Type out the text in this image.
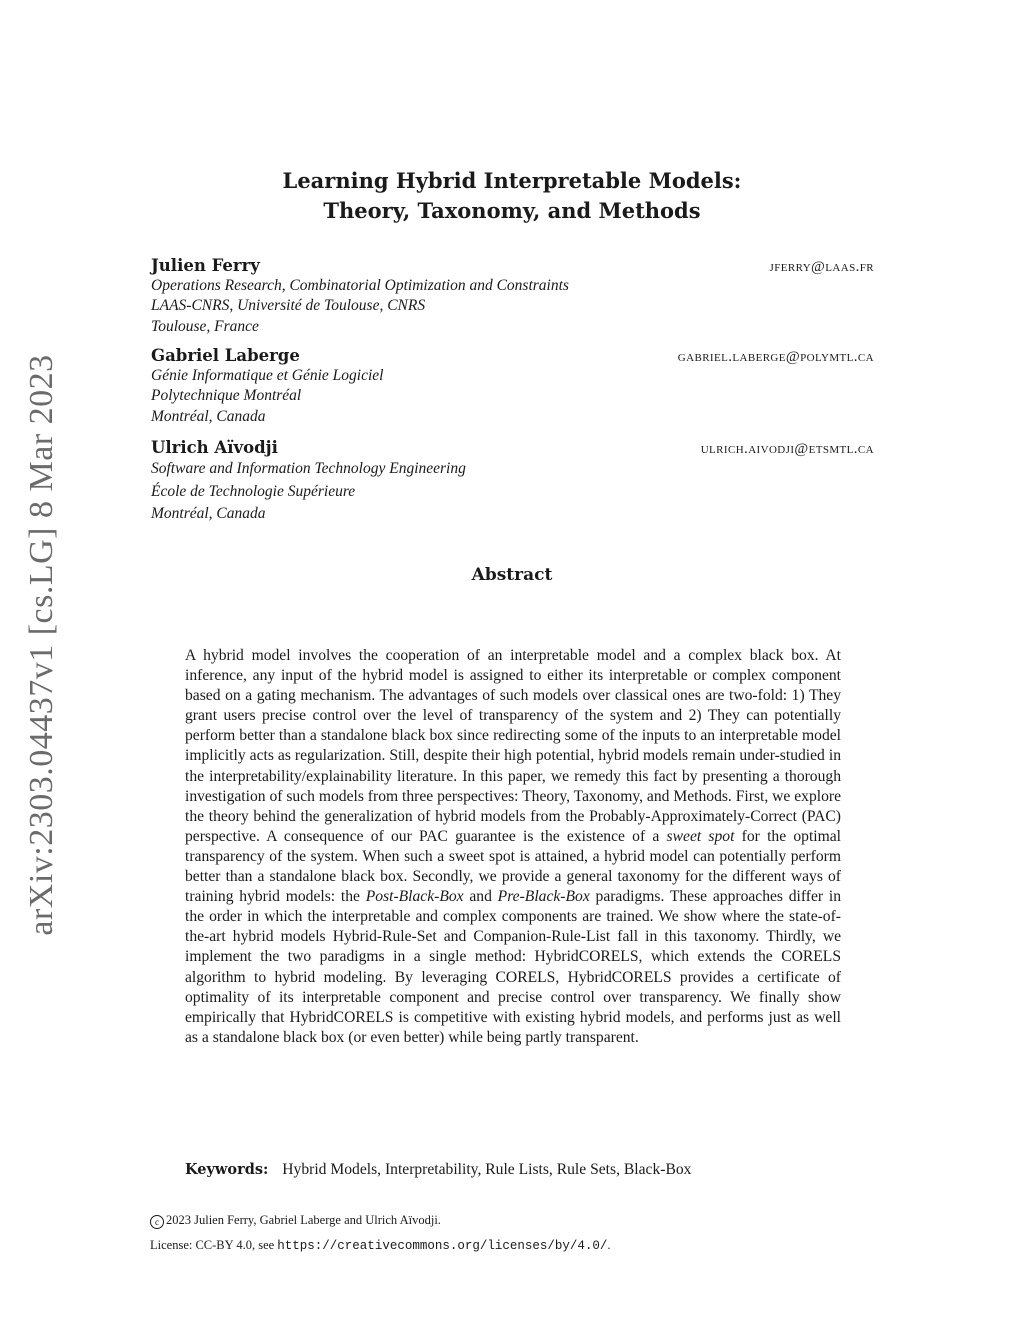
arXiv:2303.04437v1 [cs.LG] 8 Mar 2023
Learning Hybrid Interpretable Models:
Theory, Taxonomy, and Methods
Julien Ferry	jferry@laas.fr
Operations Research, Combinatorial Optimization and Constraints
LAAS-CNRS, Université de Toulouse, CNRS
Toulouse, France
Gabriel Laberge	gabriel.laberge@polymtl.ca
Génie Informatique et Génie Logiciel
Polytechnique Montréal
Montréal, Canada
Ulrich Aïvodji	ulrich.aivodji@etsmtl.ca
Software and Information Technology Engineering
École de Technologie Supérieure
Montréal, Canada
Abstract
A hybrid model involves the cooperation of an interpretable model and a complex black box. At inference, any input of the hybrid model is assigned to either its interpretable or complex component based on a gating mechanism. The advantages of such models over classical ones are two-fold: 1) They grant users precise control over the level of transparency of the system and 2) They can potentially perform better than a standalone black box since redirecting some of the inputs to an interpretable model implicitly acts as regularization. Still, despite their high potential, hybrid models remain under-studied in the interpretability/explainability literature. In this paper, we remedy this fact by presenting a thorough investigation of such models from three perspectives: Theory, Taxonomy, and Methods. First, we explore the theory behind the generalization of hybrid models from the Probably-Approximately-Correct (PAC) perspective. A consequence of our PAC guarantee is the existence of a sweet spot for the optimal transparency of the system. When such a sweet spot is attained, a hybrid model can potentially perform better than a standalone black box. Secondly, we provide a general taxonomy for the different ways of training hybrid models: the Post-Black-Box and Pre-Black-Box paradigms. These approaches differ in the order in which the interpretable and complex components are trained. We show where the state-of-the-art hybrid models Hybrid-Rule-Set and Companion-Rule-List fall in this taxonomy. Thirdly, we implement the two paradigms in a single method: HybridCORELS, which extends the CORELS algorithm to hybrid modeling. By leveraging CORELS, HybridCORELS provides a certificate of optimality of its interpretable component and precise control over transparency. We finally show empirically that HybridCORELS is competitive with existing hybrid models, and performs just as well as a standalone black box (or even better) while being partly transparent.
Keywords: Hybrid Models, Interpretability, Rule Lists, Rule Sets, Black-Box
c 2023 Julien Ferry, Gabriel Laberge and Ulrich Aïvodji.
License: CC-BY 4.0, see https://creativecommons.org/licenses/by/4.0/.
